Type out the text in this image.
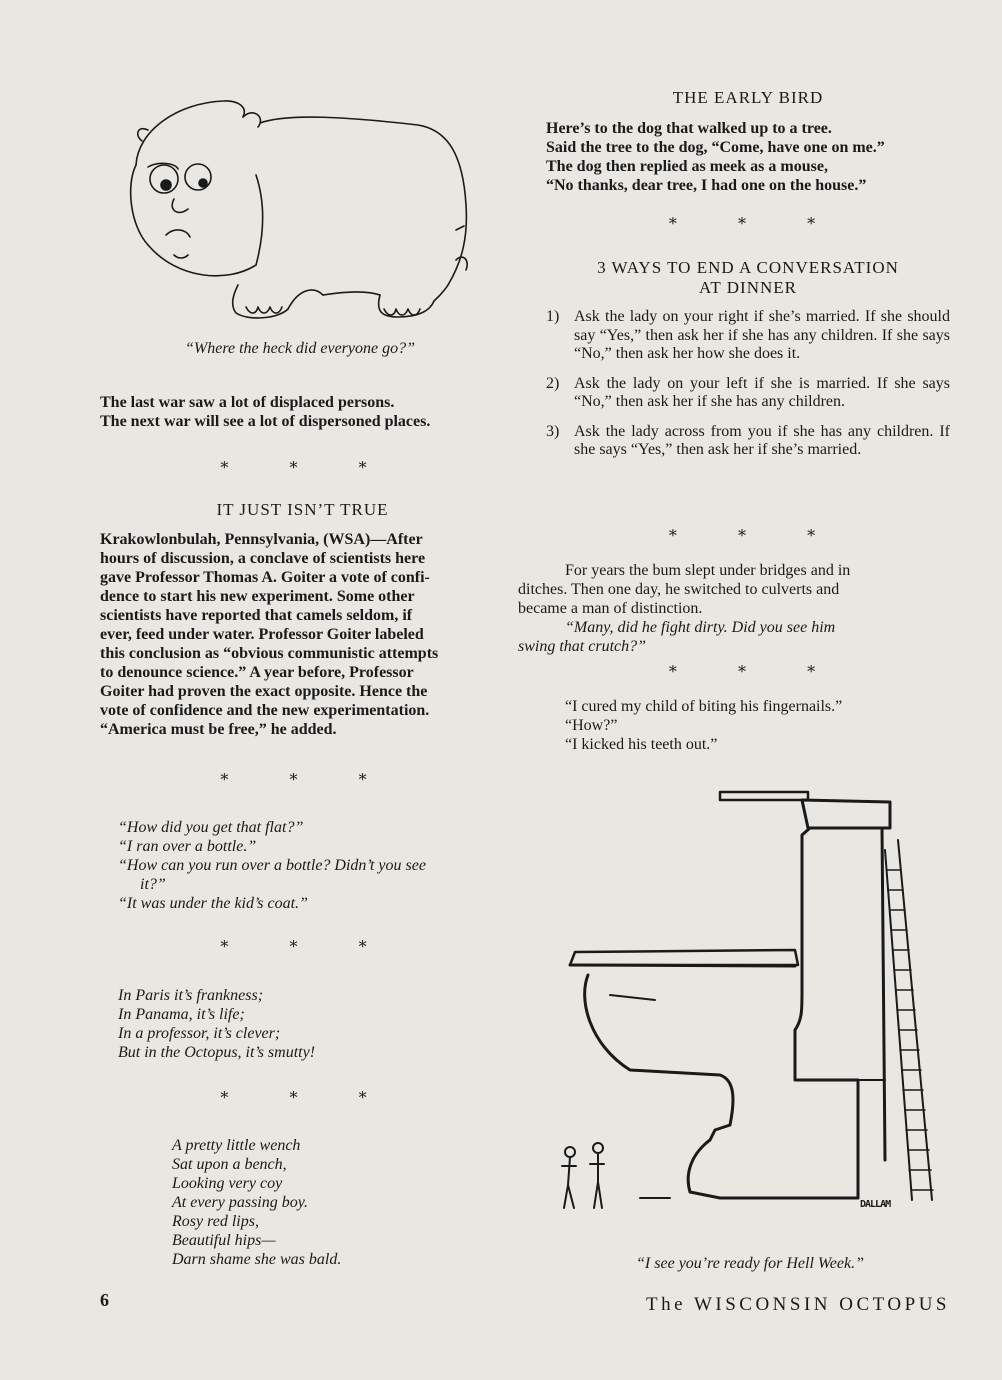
“Where the heck did everyone go?”
The last war saw a lot of displaced persons.
The next war will see a lot of dispersoned places.
* * *
IT JUST ISN’T TRUE
Krakowlonbulah, Pennsylvania, (WSA)—After
hours of discussion, a conclave of scientists here
gave Professor Thomas A. Goiter a vote of confi-
dence to start his new experiment. Some other
scientists have reported that camels seldom, if
ever, feed under water. Professor Goiter labeled
this conclusion as “obvious communistic attempts
to denounce science.” A year before, Professor
Goiter had proven the exact opposite. Hence the
vote of confidence and the new experimentation.
“America must be free,” he added.
* * *
“How did you get that flat?”
“I ran over a bottle.”
“How can you run over a bottle? Didn’t you see
it?”
“It was under the kid’s coat.”
* * *
In Paris it’s frankness;
In Panama, it’s life;
In a professor, it’s clever;
But in the Octopus, it’s smutty!
* * *
A pretty little wench
Sat upon a bench,
Looking very coy
At every passing boy.
Rosy red lips,
Beautiful hips—
Darn shame she was bald.
6
THE EARLY BIRD
Here’s to the dog that walked up to a tree.
Said the tree to the dog, “Come, have one on me.”
The dog then replied as meek as a mouse,
“No thanks, dear tree, I had one on the house.”
* * *
3 WAYS TO END A CONVERSATION
AT DINNER
1) Ask the lady on your right if she’s married. If she should say “Yes,” then ask her if she has any children. If she says “No,” then ask her how she does it.
2) Ask the lady on your left if she is married. If she says “No,” then ask her if she has any children.
3) Ask the lady across from you if she has any children. If she says “Yes,” then ask her if she’s married.
* * *
For years the bum slept under bridges and in
ditches. Then one day, he switched to culverts and
became a man of distinction.
“Many, did he fight dirty. Did you see him
swing that crutch?”
* * *
“I cured my child of biting his fingernails.”
“How?”
“I kicked his teeth out.”
DALLAM
“I see you’re ready for Hell Week.”
The WISCONSIN OCTOPUS
